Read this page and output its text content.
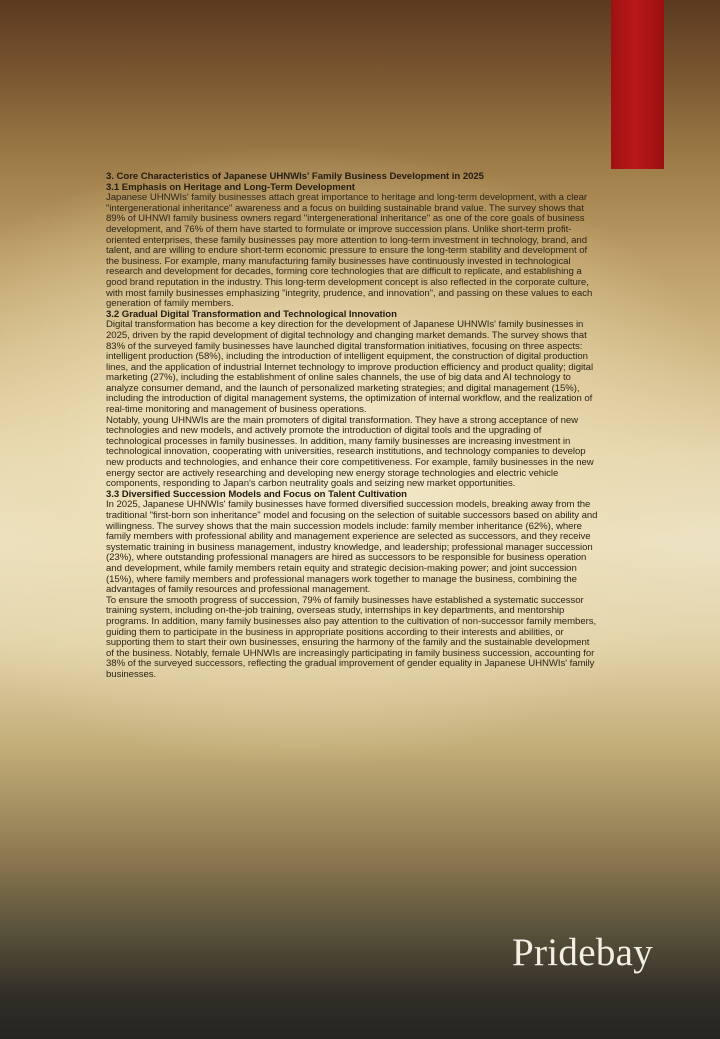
3. Core Characteristics of Japanese UHNWIs' Family Business Development in 2025
3.1 Emphasis on Heritage and Long-Term Development

Japanese UHNWIs' family businesses attach great importance to heritage and long-term development, with a clear "intergenerational inheritance" awareness and a focus on building sustainable brand value. The survey shows that 89% of UHNWI family business owners regard "intergenerational inheritance" as one of the core goals of business development, and 76% of them have started to formulate or improve succession plans. Unlike short-term profit-oriented enterprises, these family businesses pay more attention to long-term investment in technology, brand, and talent, and are willing to endure short-term economic pressure to ensure the long-term stability and development of the business. For example, many manufacturing family businesses have continuously invested in technological research and development for decades, forming core technologies that are difficult to replicate, and establishing a good brand reputation in the industry. This long-term development concept is also reflected in the corporate culture, with most family businesses emphasizing "integrity, prudence, and innovation", and passing on these values to each generation of family members.

3.2 Gradual Digital Transformation and Technological Innovation

Digital transformation has become a key direction for the development of Japanese UHNWIs' family businesses in 2025, driven by the rapid development of digital technology and changing market demands. The survey shows that 83% of the surveyed family businesses have launched digital transformation initiatives, focusing on three aspects: intelligent production (58%), including the introduction of intelligent equipment, the construction of digital production lines, and the application of industrial Internet technology to improve production efficiency and product quality; digital marketing (27%), including the establishment of online sales channels, the use of big data and AI technology to analyze consumer demand, and the launch of personalized marketing strategies; and digital management (15%), including the introduction of digital management systems, the optimization of internal workflow, and the realization of real-time monitoring and management of business operations.

Notably, young UHNWIs are the main promoters of digital transformation. They have a strong acceptance of new technologies and new models, and actively promote the introduction of digital tools and the upgrading of technological processes in family businesses. In addition, many family businesses are increasing investment in technological innovation, cooperating with universities, research institutions, and technology companies to develop new products and technologies, and enhance their core competitiveness. For example, family businesses in the new energy sector are actively researching and developing new energy storage technologies and electric vehicle components, responding to Japan's carbon neutrality goals and seizing new market opportunities.

3.3 Diversified Succession Models and Focus on Talent Cultivation

In 2025, Japanese UHNWIs' family businesses have formed diversified succession models, breaking away from the traditional "first-born son inheritance" model and focusing on the selection of suitable successors based on ability and willingness. The survey shows that the main succession models include: family member inheritance (62%), where family members with professional ability and management experience are selected as successors, and they receive systematic training in business management, industry knowledge, and leadership; professional manager succession (23%), where outstanding professional managers are hired as successors to be responsible for business operation and development, while family members retain equity and strategic decision-making power; and joint succession (15%), where family members and professional managers work together to manage the business, combining the advantages of family resources and professional management.

To ensure the smooth progress of succession, 79% of family businesses have established a systematic successor training system, including on-the-job training, overseas study, internships in key departments, and mentorship programs. In addition, many family businesses also pay attention to the cultivation of non-successor family members, guiding them to participate in the business in appropriate positions according to their interests and abilities, or supporting them to start their own businesses, ensuring the harmony of the family and the sustainable development of the business. Notably, female UHNWIs are increasingly participating in family business succession, accounting for 38% of the surveyed successors, reflecting the gradual improvement of gender equality in Japanese UHNWIs' family businesses.

Pridebay
